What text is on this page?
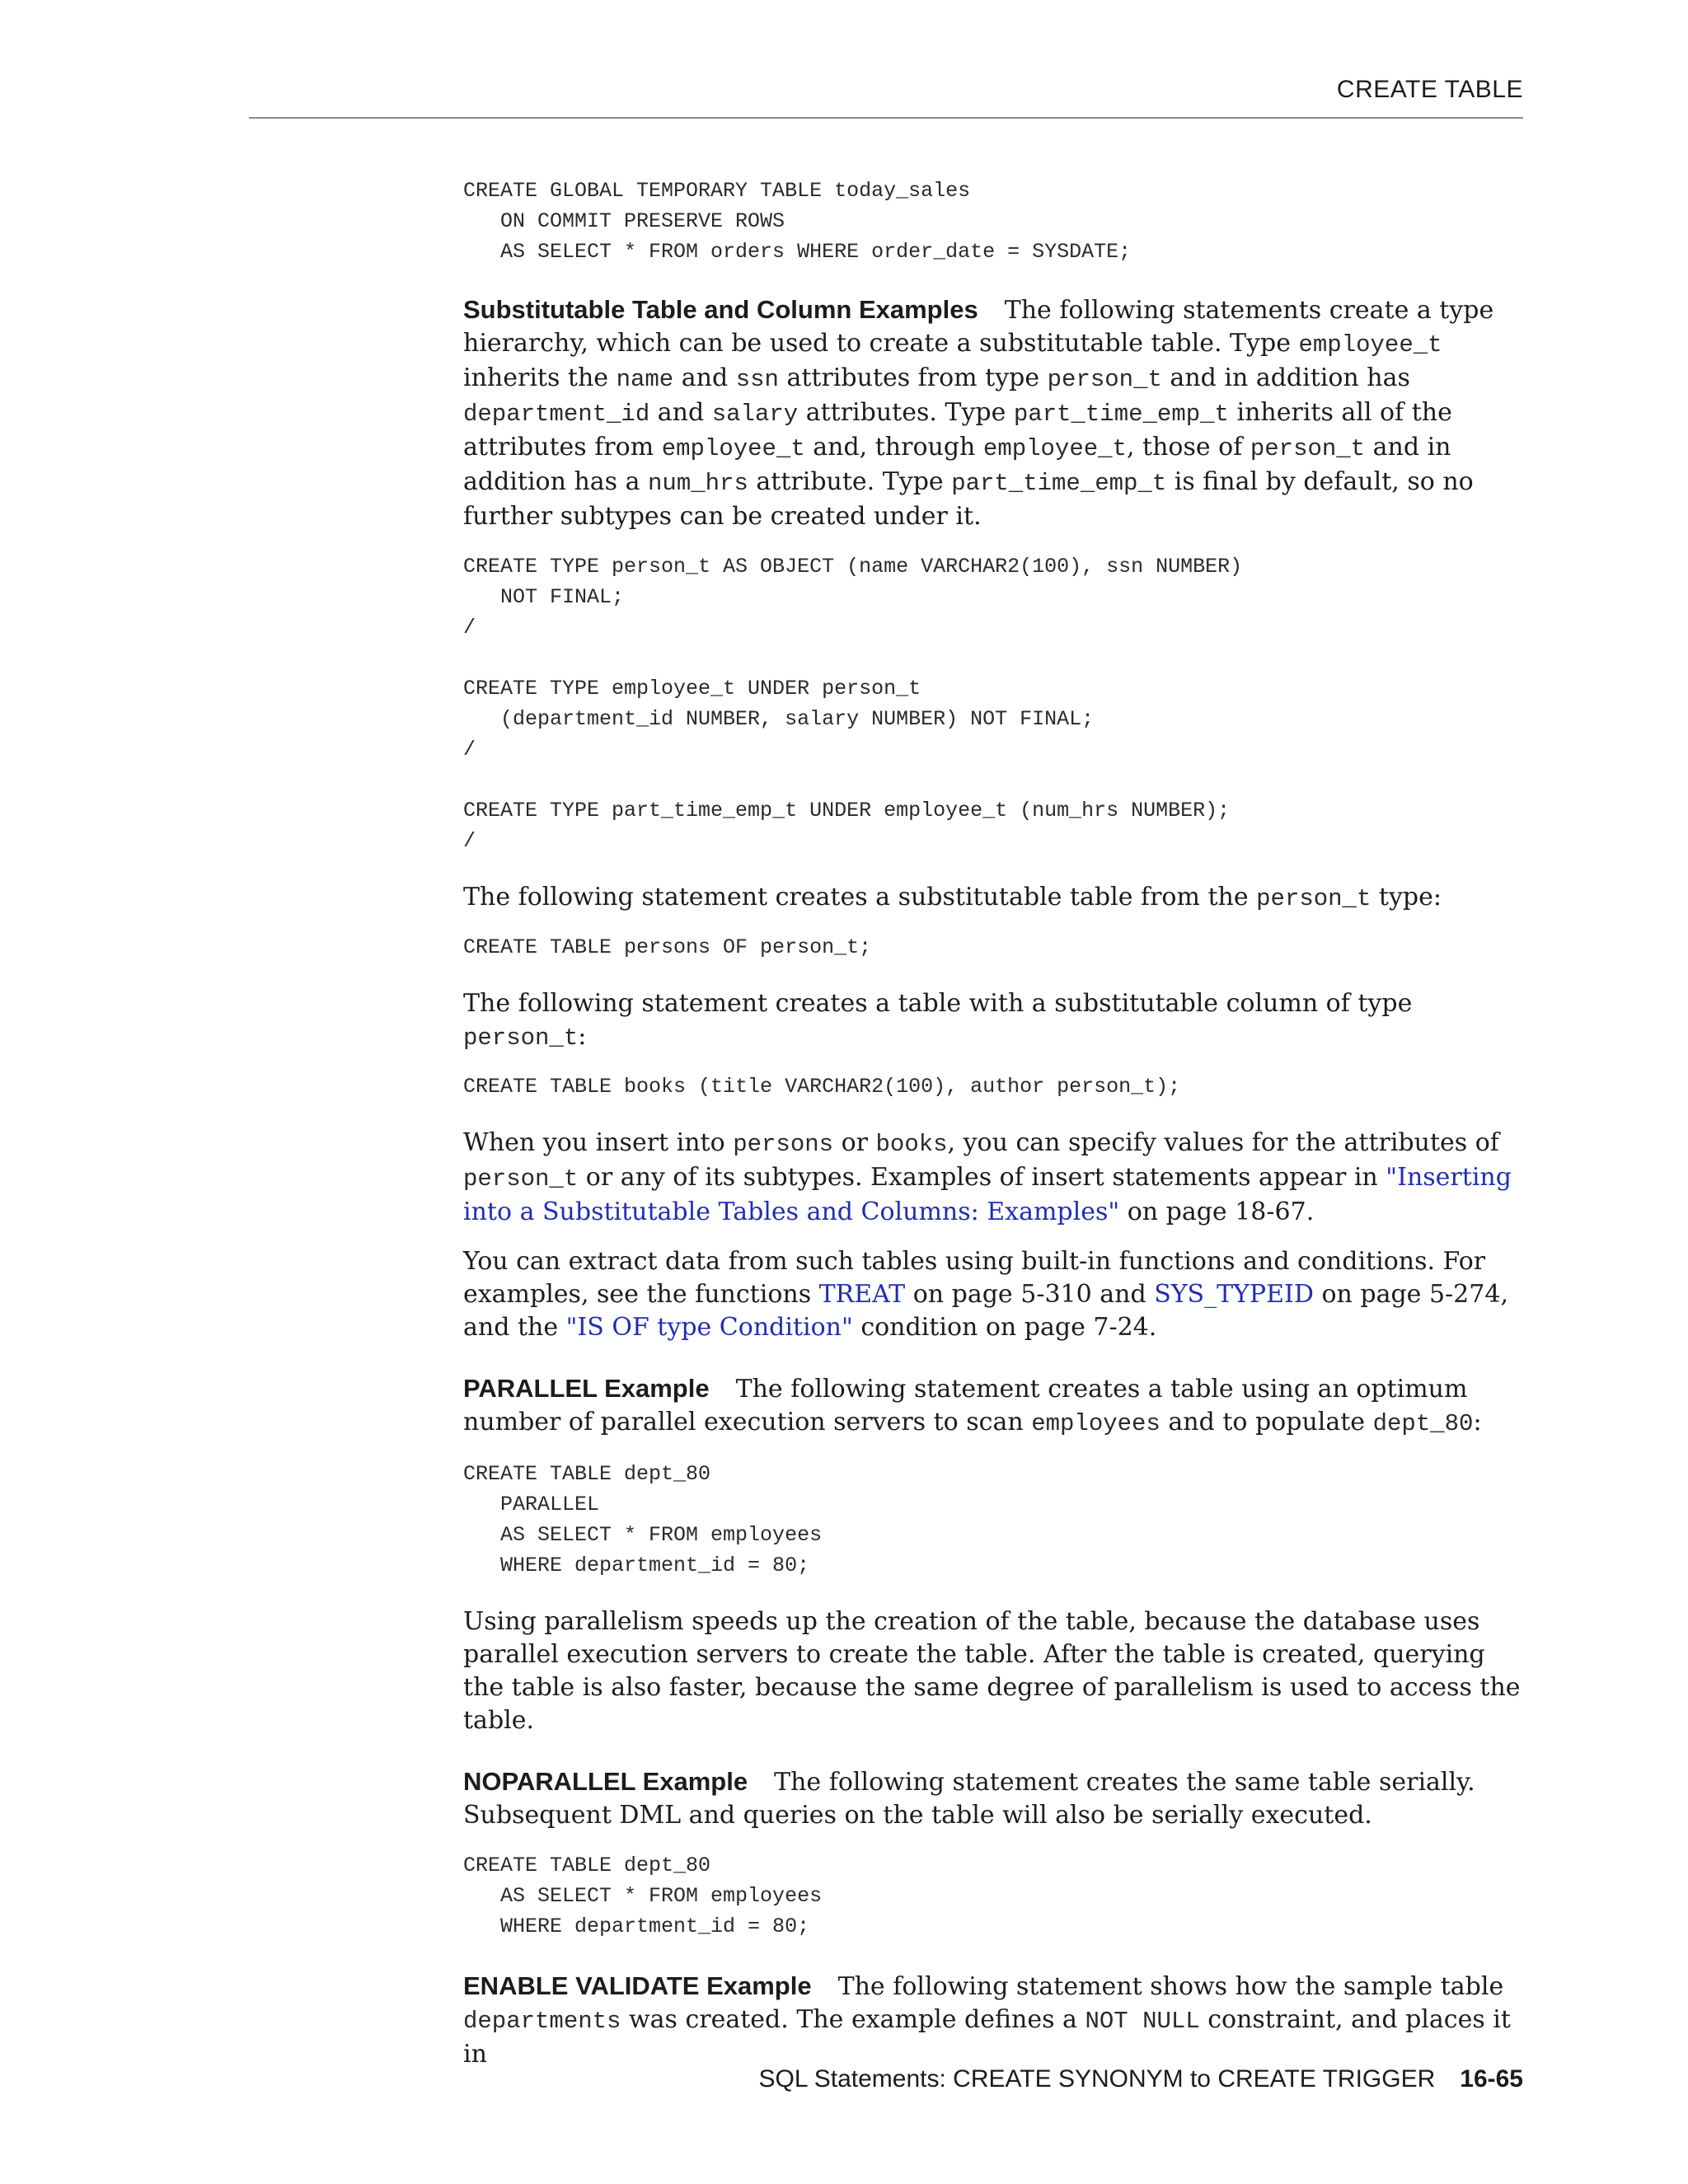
CREATE TABLE
CREATE GLOBAL TEMPORARY TABLE today_sales
ON COMMIT PRESERVE ROWS
AS SELECT * FROM orders WHERE order_date = SYSDATE;

Substitutable Table and Column Examples The following statements create a type hierarchy, which can be used to create a substitutable table. Type employee_t inherits the name and ssn attributes from type person_t and in addition has department_id and salary attributes. Type part_time_emp_t inherits all of the attributes from employee_t and, through employee_t, those of person_t and in addition has a num_hrs attribute. Type part_time_emp_t is final by default, so no further subtypes can be created under it.

CREATE TYPE person_t AS OBJECT (name VARCHAR2(100), ssn NUMBER)
NOT FINAL;
/

CREATE TYPE employee_t UNDER person_t
(department_id NUMBER, salary NUMBER) NOT FINAL;
/

CREATE TYPE part_time_emp_t UNDER employee_t (num_hrs NUMBER);
/

The following statement creates a substitutable table from the person_t type:

CREATE TABLE persons OF person_t;

The following statement creates a table with a substitutable column of type person_t:

CREATE TABLE books (title VARCHAR2(100), author person_t);

When you insert into persons or books, you can specify values for the attributes of person_t or any of its subtypes. Examples of insert statements appear in "Inserting into a Substitutable Tables and Columns: Examples" on page 18-67.

You can extract data from such tables using built-in functions and conditions. For examples, see the functions TREAT on page 5-310 and SYS_TYPEID on page 5-274, and the "IS OF type Condition" condition on page 7-24.

PARALLEL Example The following statement creates a table using an optimum number of parallel execution servers to scan employees and to populate dept_80:

CREATE TABLE dept_80
PARALLEL
AS SELECT * FROM employees
WHERE department_id = 80;

Using parallelism speeds up the creation of the table, because the database uses parallel execution servers to create the table. After the table is created, querying the table is also faster, because the same degree of parallelism is used to access the table.

NOPARALLEL Example The following statement creates the same table serially. Subsequent DML and queries on the table will also be serially executed.

CREATE TABLE dept_80
AS SELECT * FROM employees
WHERE department_id = 80;

ENABLE VALIDATE Example The following statement shows how the sample table departments was created. The example defines a NOT NULL constraint, and places it in

SQL Statements: CREATE SYNONYM to CREATE TRIGGER 16-65
